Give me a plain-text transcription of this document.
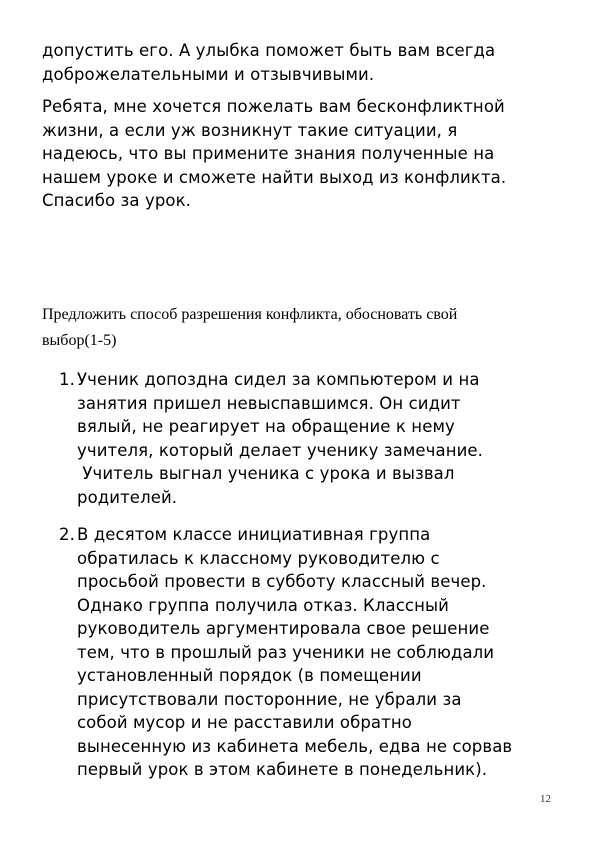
допустить его. А улыбка поможет быть вам всегда
доброжелательными и отзывчивыми.

Ребята, мне хочется пожелать вам бесконфликтной
жизни, а если уж возникнут такие ситуации, я
надеюсь, что вы примените знания полученные на
нашем уроке и сможете найти выход из конфликта.
Спасибо за урок.

Предложить способ разрешения конфликта, обосновать свой
выбор(1-5)

1. Ученик допоздна сидел за компьютером и на
занятия пришел невыспавшимся. Он сидит
вялый, не реагирует на обращение к нему
учителя, который делает ученику замечание.
Учитель выгнал ученика с урока и вызвал
родителей.
2. В десятом классе инициативная группа
обратилась к классному руководителю с
просьбой провести в субботу классный вечер.
Однако группа получила отказ. Классный
руководитель аргументировала свое решение
тем, что в прошлый раз ученики не соблюдали
установленный порядок (в помещении
присутствовали посторонние, не убрали за
собой мусор и не расставили обратно
вынесенную из кабинета мебель, едва не сорвав
первый урок в этом кабинете в понедельник).
12
